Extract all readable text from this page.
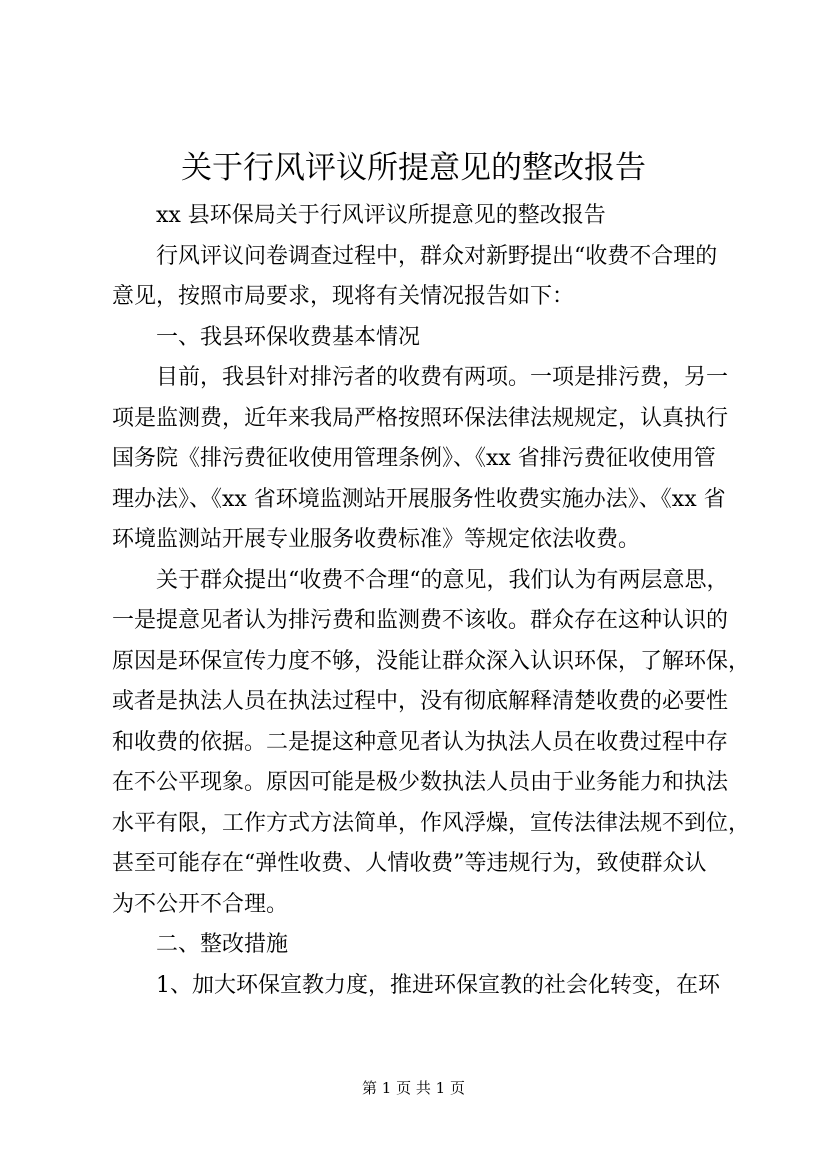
关于行风评议所提意见的整改报告

xx 县环保局关于行风评议所提意见的整改报告

行风评议问卷调查过程中，群众对新野提出“收费不合理的
意见，按照市局要求，现将有关情况报告如下：

一、我县环保收费基本情况

目前，我县针对排污者的收费有两项。一项是排污费，另一
项是监测费，近年来我局严格按照环保法律法规规定，认真执行
国务院《排污费征收使用管理条例》、《xx 省排污费征收使用管
理办法》、《xx 省环境监测站开展服务性收费实施办法》、《xx 省
环境监测站开展专业服务收费标准》等规定依法收费。

关于群众提出“收费不合理“的意见，我们认为有两层意思，
一是提意见者认为排污费和监测费不该收。群众存在这种认识的
原因是环保宣传力度不够，没能让群众深入认识环保，了解环保，
或者是执法人员在执法过程中，没有彻底解释清楚收费的必要性
和收费的依据。二是提这种意见者认为执法人员在收费过程中存
在不公平现象。原因可能是极少数执法人员由于业务能力和执法
水平有限，工作方式方法简单，作风浮燥，宣传法律法规不到位，
甚至可能存在“弹性收费、人情收费”等违规行为，致使群众认
为不公开不合理。

二、整改措施

1、加大环保宣教力度，推进环保宣教的社会化转变，在环

第 1 页 共 1 页
